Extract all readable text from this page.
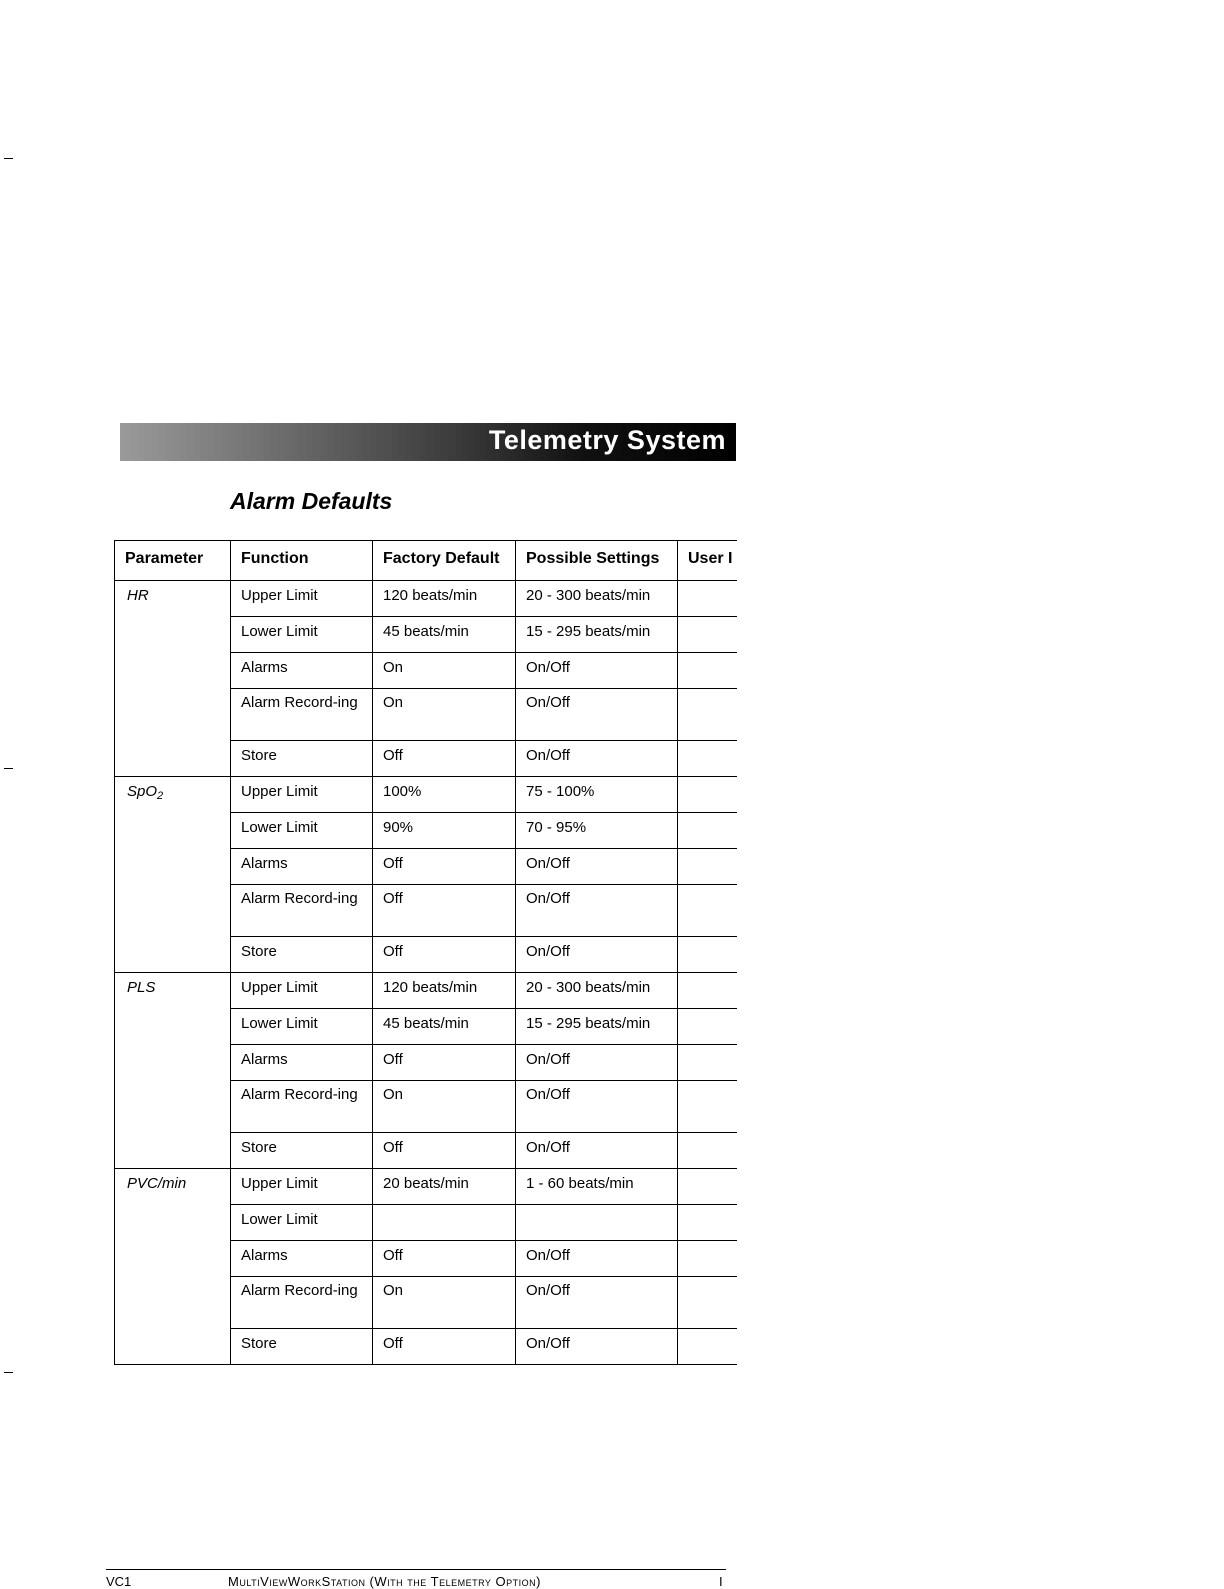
Telemetry System
Alarm Defaults
Parameter	Function	Factory Default	Possible Settings	User I
HR	Upper Limit	120 beats/min	20 - 300 beats/min	
	Lower Limit	45 beats/min	15 - 295 beats/min	
	Alarms	On	On/Off	
	Alarm Record-ing	On	On/Off	
	Store	Off	On/Off	
SpO$_2$	Upper Limit	100%	75 - 100%	
	Lower Limit	90%	70 - 95%	
	Alarms	Off	On/Off	
	Alarm Record-ing	Off	On/Off	
	Store	Off	On/Off	
PLS	Upper Limit	120 beats/min	20 - 300 beats/min	
	Lower Limit	45 beats/min	15 - 295 beats/min	
	Alarms	Off	On/Off	
	Alarm Record-ing	On	On/Off	
	Store	Off	On/Off	
PVC/min	Upper Limit	20 beats/min	1 - 60 beats/min	
	Lower Limit			
	Alarms	Off	On/Off	
	Alarm Record-ing	On	On/Off	
	Store	Off	On/Off	
VC1	MultiViewWorkStation (With the Telemetry Option)	I
